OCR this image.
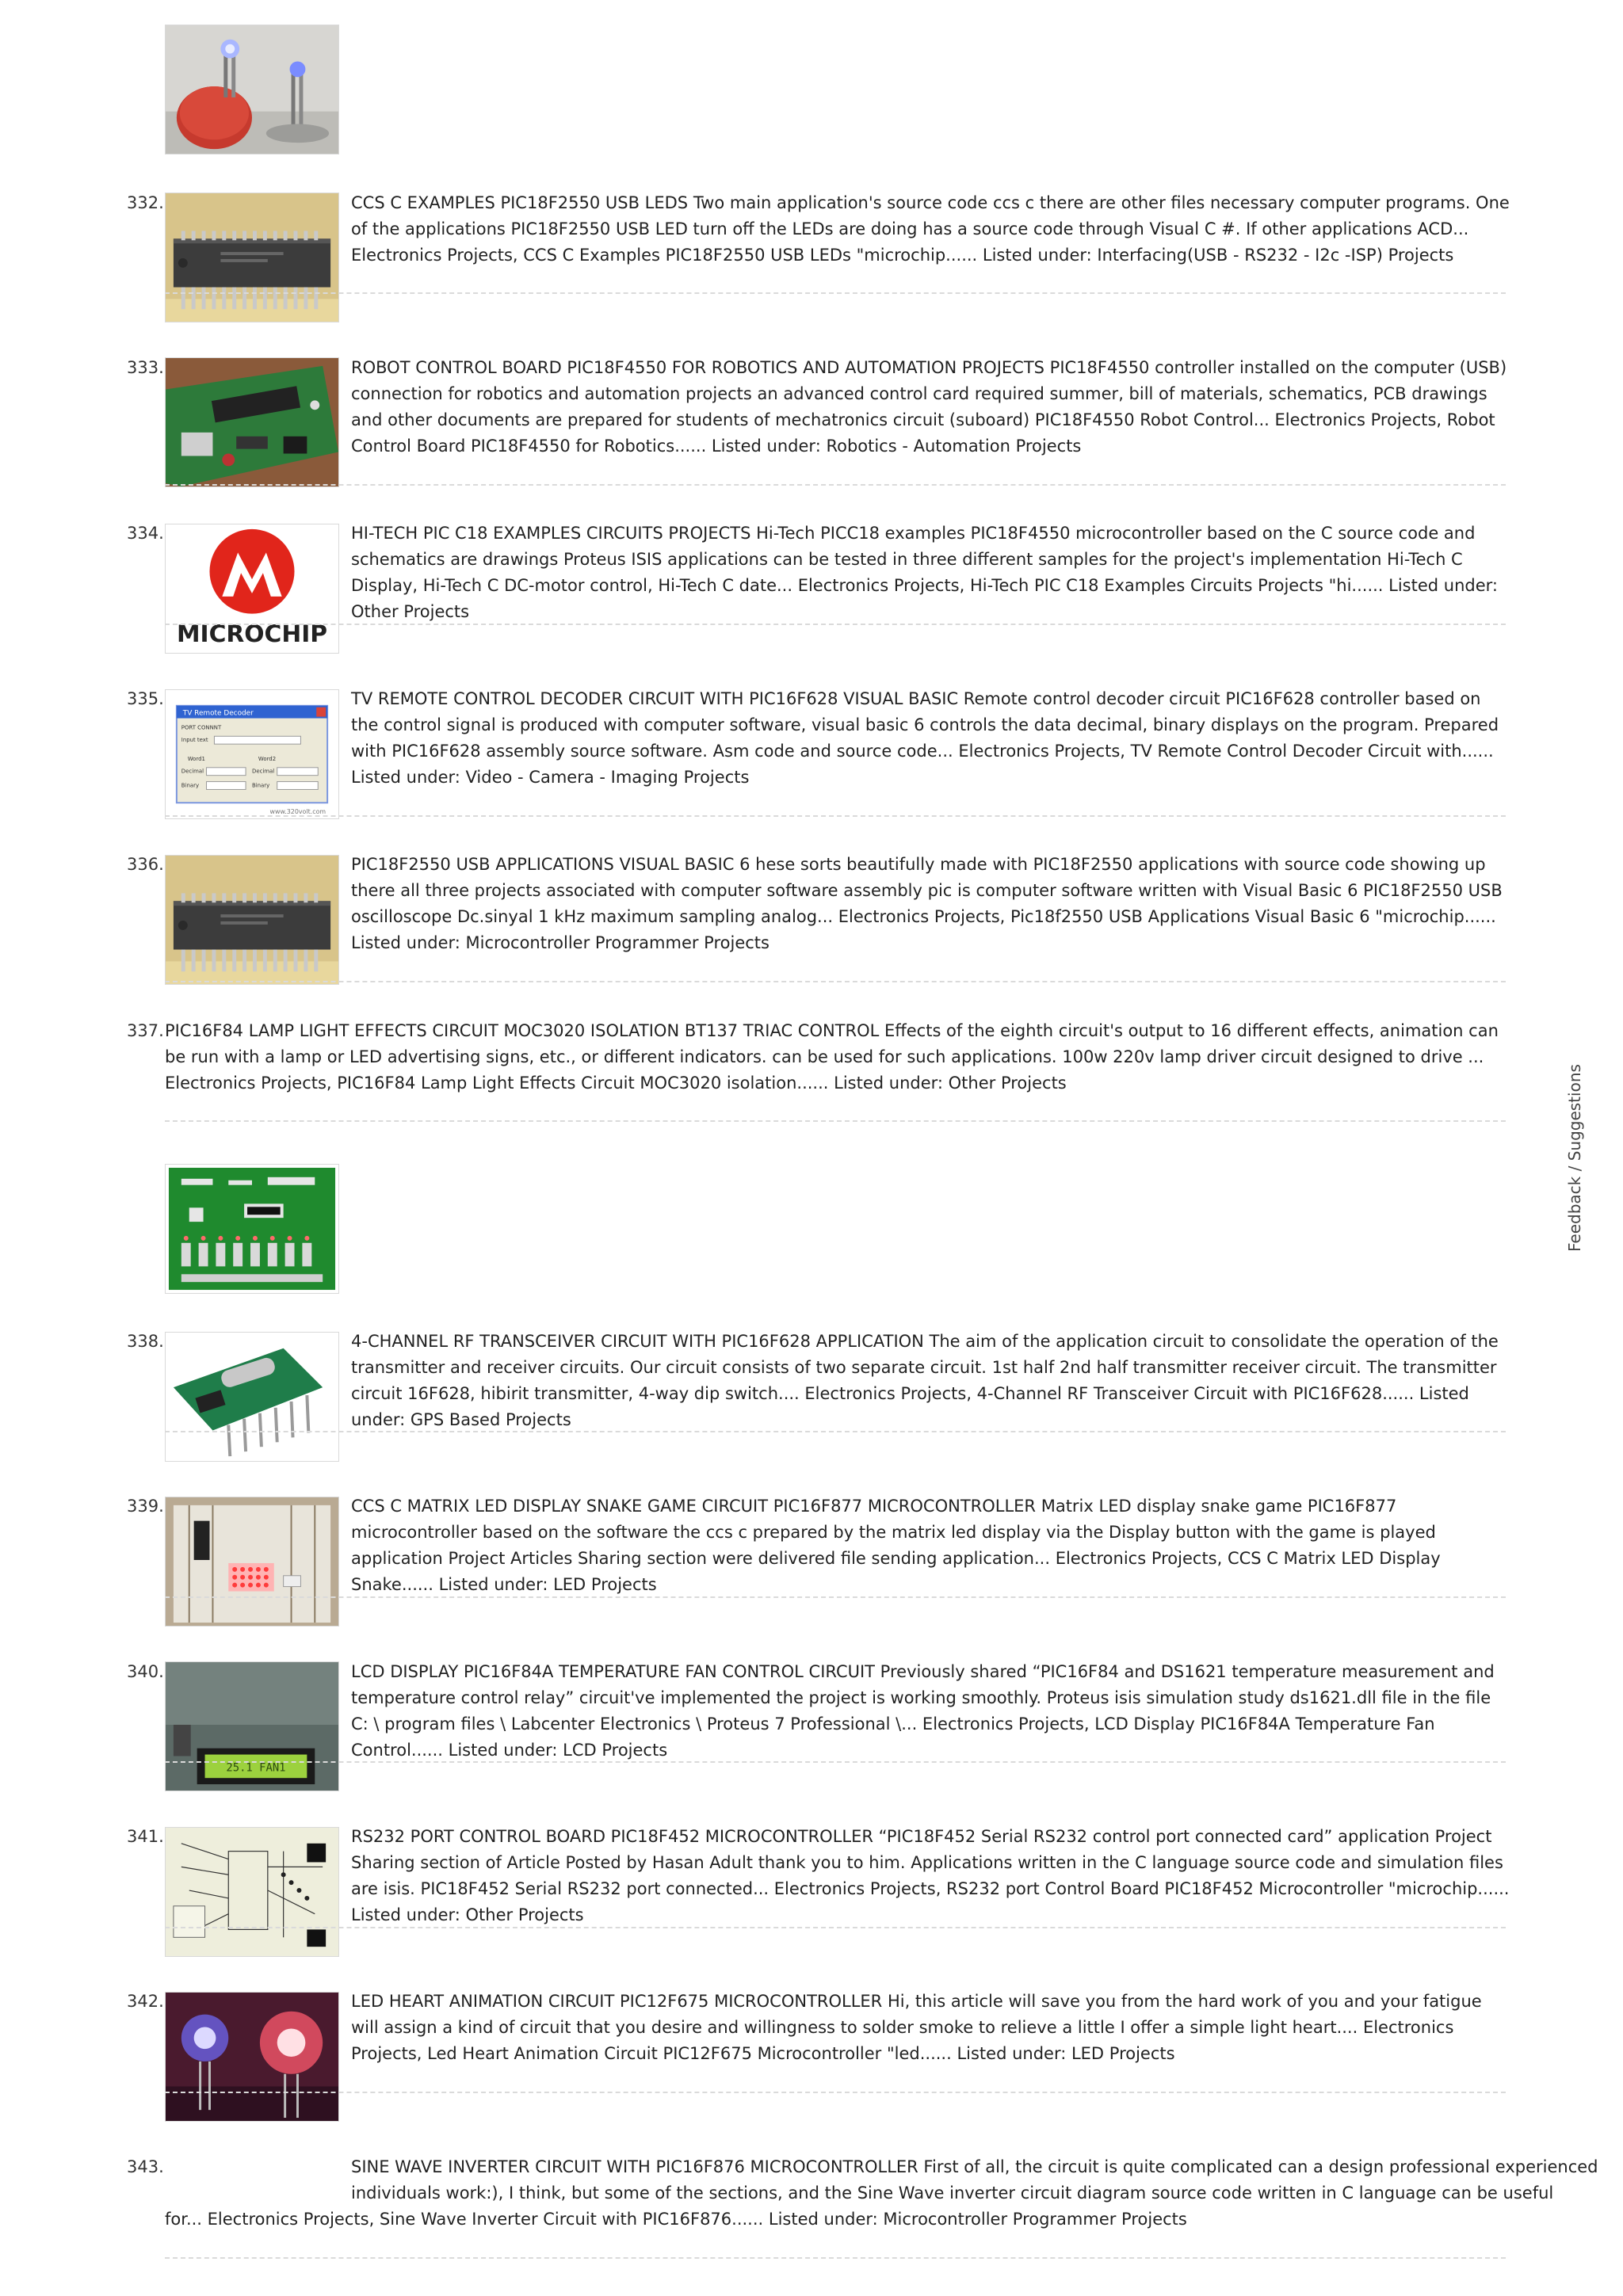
332.	CCS C EXAMPLES PIC18F2550 USB LEDS Two main application's source code ccs c there are other files necessary computer programs. One of the applications PIC18F2550 USB LED turn off the LEDs are doing has a source code through Visual C #. If other applications ACD... Electronics Projects, CCS C Examples PIC18F2550 USB LEDs "microchip...... Listed under: Interfacing(USB - RS232 - I2c -ISP) Projects
333.	ROBOT CONTROL BOARD PIC18F4550 FOR ROBOTICS AND AUTOMATION PROJECTS PIC18F4550 controller installed on the computer (USB) connection for robotics and automation projects an advanced control card required summer, bill of materials, schematics, PCB drawings and other documents are prepared for students of mechatronics circuit (suboard) PIC18F4550 Robot Control... Electronics Projects, Robot Control Board PIC18F4550 for Robotics...... Listed under: Robotics - Automation Projects
MICROCHIP
334.	HI-TECH PIC C18 EXAMPLES CIRCUITS PROJECTS Hi-Tech PICC18 examples PIC18F4550 microcontroller based on the C source code and schematics are drawings Proteus ISIS applications can be tested in three different samples for the project's implementation Hi-Tech C Display, Hi-Tech C DC-motor control, Hi-Tech C date... Electronics Projects, Hi-Tech PIC C18 Examples Circuits Projects "hi...... Listed under: Other Projects
TV Remote Decoder
PORT CONNNT
Input text
Word1	Word2
Decimal	Decimal
Binary	Binary
www.320volt.com
335.	TV REMOTE CONTROL DECODER CIRCUIT WITH PIC16F628 VISUAL BASIC Remote control decoder circuit PIC16F628 controller based on the control signal is produced with computer software, visual basic 6 controls the data decimal, binary displays on the program. Prepared with PIC16F628 assembly source software. Asm code and source code... Electronics Projects, TV Remote Control Decoder Circuit with...... Listed under: Video - Camera - Imaging Projects
336.	PIC18F2550 USB APPLICATIONS VISUAL BASIC 6 hese sorts beautifully made with PIC18F2550 applications with source code showing up there all three projects associated with computer software assembly pic is computer software written with Visual Basic 6 PIC18F2550 USB oscilloscope Dc.sinyal 1 kHz maximum sampling analog... Electronics Projects, Pic18f2550 USB Applications Visual Basic 6 "microchip...... Listed under: Microcontroller Programmer Projects
337. PIC16F84 LAMP LIGHT EFFECTS CIRCUIT MOC3020 ISOLATION BT137 TRIAC CONTROL Effects of the eighth circuit's output to 16 different effects, animation can be run with a lamp or LED advertising signs, etc., or different indicators. can be used for such applications. 100w 220v lamp driver circuit designed to drive ... Electronics Projects, PIC16F84 Lamp Light Effects Circuit MOC3020 isolation...... Listed under: Other Projects
338.	4-CHANNEL RF TRANSCEIVER CIRCUIT WITH PIC16F628 APPLICATION The aim of the application circuit to consolidate the operation of the transmitter and receiver circuits. Our circuit consists of two separate circuit. 1st half 2nd half transmitter receiver circuit. The transmitter circuit 16F628, hibirit transmitter, 4-way dip switch.... Electronics Projects, 4-Channel RF Transceiver Circuit with PIC16F628...... Listed under: GPS Based Projects
339.	CCS C MATRIX LED DISPLAY SNAKE GAME CIRCUIT PIC16F877 MICROCONTROLLER Matrix LED display snake game PIC16F877 microcontroller based on the software the ccs c prepared by the matrix led display via the Display button with the game is played application Project Articles Sharing section were delivered file sending application... Electronics Projects, CCS C Matrix LED Display Snake...... Listed under: LED Projects
25.1 FAN1
340.	LCD DISPLAY PIC16F84A TEMPERATURE FAN CONTROL CIRCUIT Previously shared “PIC16F84 and DS1621 temperature measurement and temperature control relay” circuit've implemented the project is working smoothly. Proteus isis simulation study ds1621.dll file in the file C: \ program files \ Labcenter Electronics \ Proteus 7 Professional \... Electronics Projects, LCD Display PIC16F84A Temperature Fan Control...... Listed under: LCD Projects
341.	RS232 PORT CONTROL BOARD PIC18F452 MICROCONTROLLER “PIC18F452 Serial RS232 control port connected card” application Project Sharing section of Article Posted by Hasan Adult thank you to him. Applications written in the C language source code and simulation files are isis. PIC18F452 Serial RS232 port connected... Electronics Projects, RS232 port Control Board PIC18F452 Microcontroller "microchip...... Listed under: Other Projects
342.	LED HEART ANIMATION CIRCUIT PIC12F675 MICROCONTROLLER Hi, this article will save you from the hard work of you and your fatigue will assign a kind of circuit that you desire and willingness to solder smoke to relieve a little I offer a simple light heart.... Electronics Projects, Led Heart Animation Circuit PIC12F675 Microcontroller "led...... Listed under: LED Projects
343.	SINE WAVE INVERTER CIRCUIT WITH PIC16F876 MICROCONTROLLER First of all, the circuit is quite complicated can a design professional experienced
individuals work:), I think, but some of the sections, and the Sine Wave inverter circuit diagram source code written in C language can be useful
for... Electronics Projects, Sine Wave Inverter Circuit with PIC16F876...... Listed under: Microcontroller Programmer Projects
Feedback / Suggestions
